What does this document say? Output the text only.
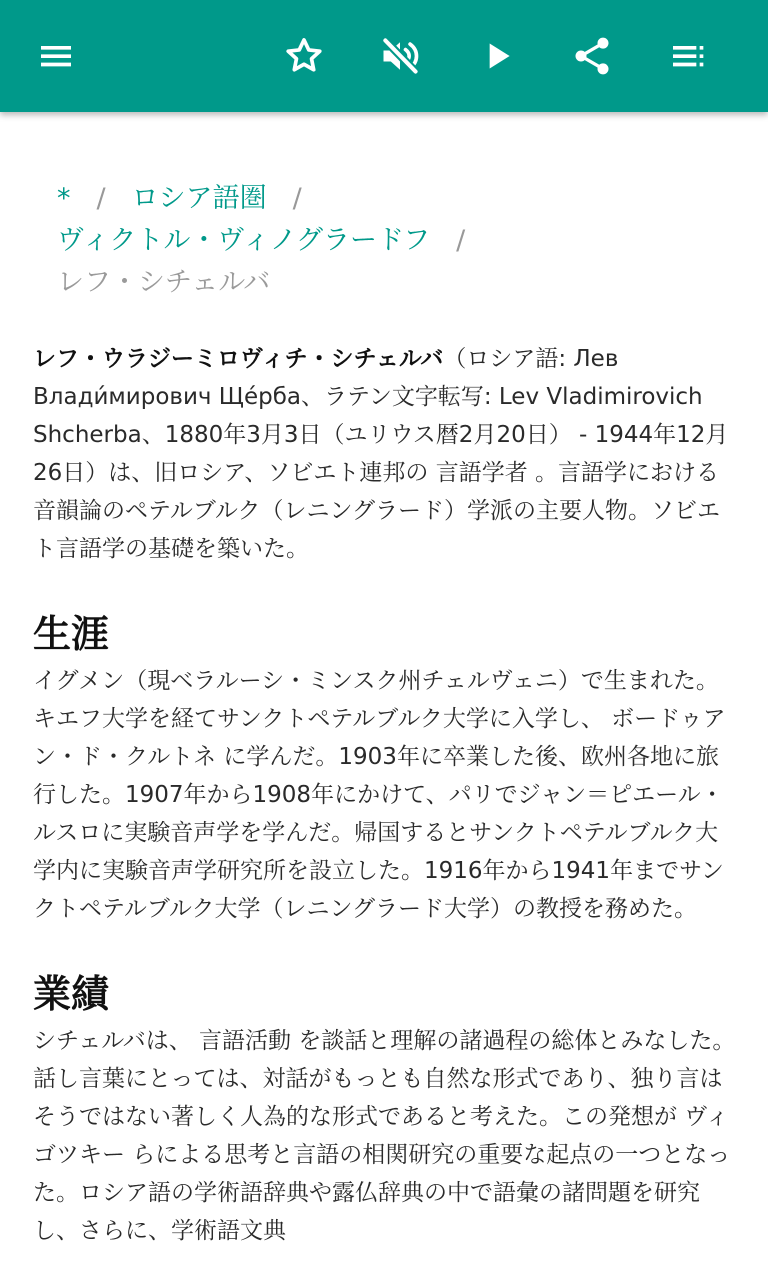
* / ロシア語圏 /
ヴィクトル・ヴィノグラードフ /
レフ・シチェルバ

レフ・ウラジーミロヴィチ・シチェルバ（ロシア語: Лев Влади́мирович Щépба、ラテン文字転写: Lev Vladimirovich Shcherba、1880年3月3日（ユリウス暦2月20日） - 1944年12月26日）は、旧ロシア、ソビエト連邦の 言語学者 。言語学における音韻論のペテルブルク（レニングラード）学派の主要人物。ソビエト言語学の基礎を築いた。

生涯

イグメン（現ベラルーシ・ミンスク州チェルヴェニ）で生まれた。キエフ大学を経てサンクトペテルブルク大学に入学し、 ボードゥアン・ド・クルトネ に学んだ。1903年に卒業した後、欧州各地に旅行した。1907年から1908年にかけて、パリでジャン＝ピエール・ルスロに実験音声学を学んだ。帰国するとサンクトペテルブルク大学内に実験音声学研究所を設立した。1916年から1941年までサンクトペテルブルク大学（レニングラード大学）の教授を務めた。

業績

シチェルバは、 言語活動 を談話と理解の諸過程の総体とみなした。話し言葉にとっては、対話がもっとも自然な形式であり、独り言はそうではない著しく人為的な形式であると考えた。この発想が ヴィゴツキー らによる思考と言語の相関研究の重要な起点の一つとなった。ロシア語の学術語辞典や露仏辞典の中で語彙の諸問題を研究し、さらに、学術語文典
